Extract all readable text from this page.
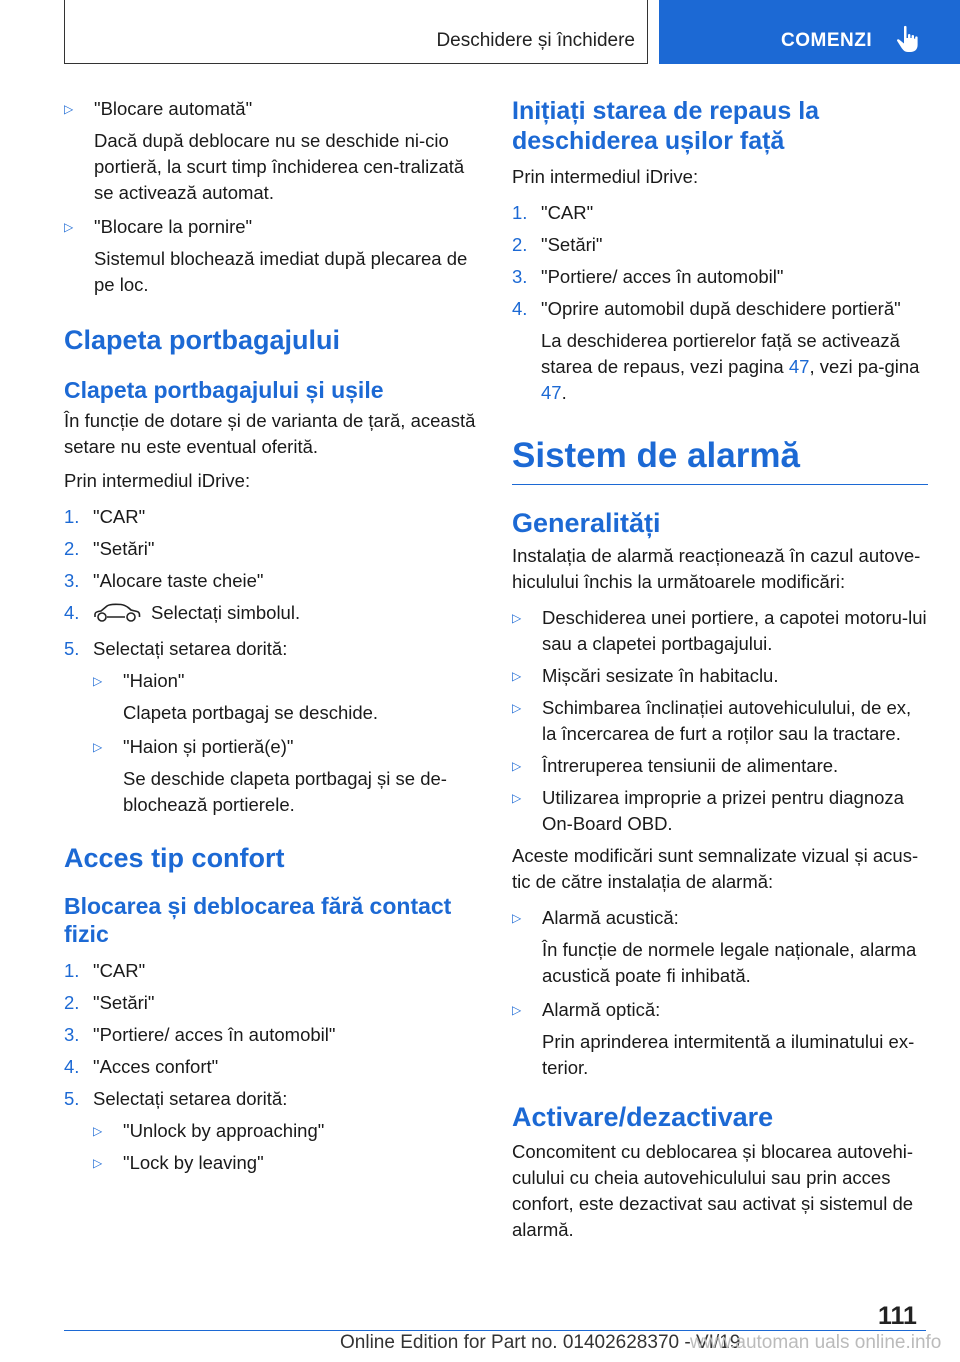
Deschidere și închidere	COMENZI
▷ "Blocare automată"
Dacă după deblocare nu se deschide ni-cio portieră, la scurt timp închiderea cen-tralizată se activează automat.
▷ "Blocare la pornire"
Sistemul blochează imediat după plecarea de pe loc.
Clapeta portbagajului
Clapeta portbagajului și ușile
În funcție de dotare și de varianta de țară, această setare nu este eventual oferită.
Prin intermediul iDrive:
1. "CAR"
2. "Setări"
3. "Alocare taste cheie"
4.	Selectați simbolul.
5. Selectați setarea dorită:
▷ "Haion"
Clapeta portbagaj se deschide.
▷ "Haion și portieră(e)"
Se deschide clapeta portbagaj și se de-blochează portierele.
Acces tip confort
Blocarea și deblocarea fără contact fizic
1. "CAR"
2. "Setări"
3. "Portiere/ acces în automobil"
4. "Acces confort"
5. Selectați setarea dorită:
▷ "Unlock by approaching"
▷ "Lock by leaving"
Inițiați starea de repaus la deschiderea ușilor față
Prin intermediul iDrive:
1. "CAR"
2. "Setări"
3. "Portiere/ acces în automobil"
4. "Oprire automobil după deschidere portieră"
La deschiderea portierelor față se activează starea de repaus, vezi pagina 47, vezi pa-gina 47.
Sistem de alarmă
Generalități
Instalația de alarmă reacționează în cazul autove-hiculului închis la următoarele modificări:
▷ Deschiderea unei portiere, a capotei motoru-lui sau a clapetei portbagajului.
▷ Mișcări sesizate în habitaclu.
▷ Schimbarea înclinației autovehiculului, de ex, la încercarea de furt a roților sau la tractare.
▷ Întreruperea tensiunii de alimentare.
▷ Utilizarea improprie a prizei pentru diagnoza On-Board OBD.
Aceste modificări sunt semnalizate vizual și acus-tic de către instalația de alarmă:
▷ Alarmă acustică:
În funcție de normele legale naționale, alarma acustică poate fi inhibată.
▷ Alarmă optică:
Prin aprinderea intermitentă a iluminatului ex-terior.
Activare/dezactivare
Concomitent cu deblocarea și blocarea autovehi-culului cu cheia autovehiculului sau prin acces confort, este dezactivat sau activat și sistemul de alarmă.
111
Online Edition for Part no. 01402628370 - VI/19
www.automan uals online.info
